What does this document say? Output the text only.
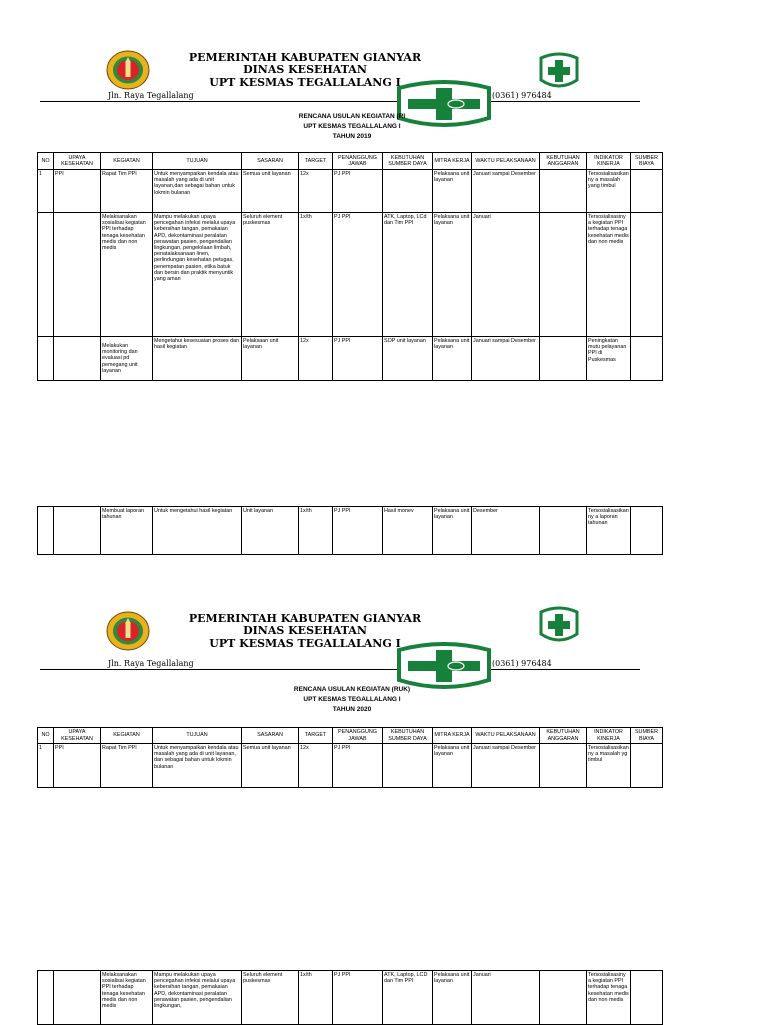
PEMERINTAH KABUPATEN GIANYAR
DINAS KESEHATAN
UPT KESMAS TEGALLALANG I
Jln. Raya Tegallalang	(0361) 976484
RENCANA USULAN KEGIATAN (RI
UPT KESMAS TEGALLALANG I
TAHUN 2019
NO	UPAYA KESEHATAN	KEGIATAN	TUJUAN	SASARAN	TARGET	PENANGGUNG JAWAB	KEBUTUHAN SUMBER DAYA	MITRA KERJA	WAKTU PELAKSANAAN	KEBUTUHAN ANGGARAN	INDIKATOR KINERJA	SUMBER BIAYA
1	PPI	Rapat Tim PPI	Untuk menyampaikan kendala atau masalah yang ada di unit layanan,dan sebagai bahan untuk lokmin bulanan	Semua unit layanan	12x	PJ PPI		Pelaksana unit layanan	Januari sampai Desember		Tersosialisasikanny a masalah yang timbul	
		Melaksanakan sosialisai kegiatan PPI terhadap tenaga kesehatan medis dan non medis	Mampu melakukan upaya pencegahan infeksi melalui upaya kebersihan tangan, pemakaian APD, dekontaminasi peralatan perawatan pasien, pengendalian lingkungan, pengelolaan limbah, penatalaksanaan linen, perlindungan kesehatan petugas, penempatan pasien, etika batuk dan bersin dan praktik menyuntik yang aman	Seluruh element puskesmas	1x/th	PJ PPI	ATK, Laptop, LCd dan Tim PPI	Pelaksana unit layanan	Januari		Tersosialisasiny a kegiatan PPI terhadap tenaga kesehatan medis dan non medis	
		Melakukan monitoring dan evaluasi pd pemegang unit layanan	Mengetahui kesesuaian proses dan hasil kegiatan	Pelaksaan unit layanan	12x	PJ PPI	SOP unit layanan	Pelaksana unit layanan	Januari sampai Desember		Peningkatan mutu pelayanan PPI di Puskesmas	
		Membuat laporan tahunan	Untuk mengetahui hasil kegiatan	Unit layanan	1x/th	PJ PPI	Hasil monev	Pelaksana unit layanan	Desember		Tersosialisasikanny a laporan tahunan	
PEMERINTAH KABUPATEN GIANYAR
DINAS KESEHATAN
UPT KESMAS TEGALLALANG I
Jln. Raya Tegallalang	(0361) 976484
RENCANA USULAN KEGIATAN (RUK)
UPT KESMAS TEGALLALANG I
TAHUN 2020
NO	UPAYA KESEHATAN	KEGIATAN	TUJUAN	SASARAN	TARGET	PENANGGUNG JAWAB	KEBUTUHAN SUMBER DAYA	MITRA KERJA	WAKTU PELAKSANAAN	KEBUTUHAN ANGGARAN	INDIKATOR KINERJA	SUMBER BIAYA
1	PPI	Rapat Tim PPI	Untuk menyampaikan kendala atau masalah yang ada di unit layanan, dan sebagai bahan untuk lokmin bulanan	Semua unit layanan	12x	PJ PPI		Pelaksana unit layanan	Januari sampai Desember		Tersosialisasikanny a masalah yg timbul	
		Melaksanakan sosialisai kegiatan PPI terhadap tenaga kesehatan medis dan non medis	Mampu melakukan upaya pencegahan infeksi melalui upaya kebersihan tangan, pemakaian APD, dekontaminasi peralatan perawatan pasien, pengendalian lingkungan,	Seluruh element puskesmas	1x/th	PJ PPI	ATK, Laptop, LCD dan Tim PPI	Pelaksana unit layanan	Januari		Tersosialisasiny a kegiatan PPI terhadap tenaga kesehatan medis dan non medis	
